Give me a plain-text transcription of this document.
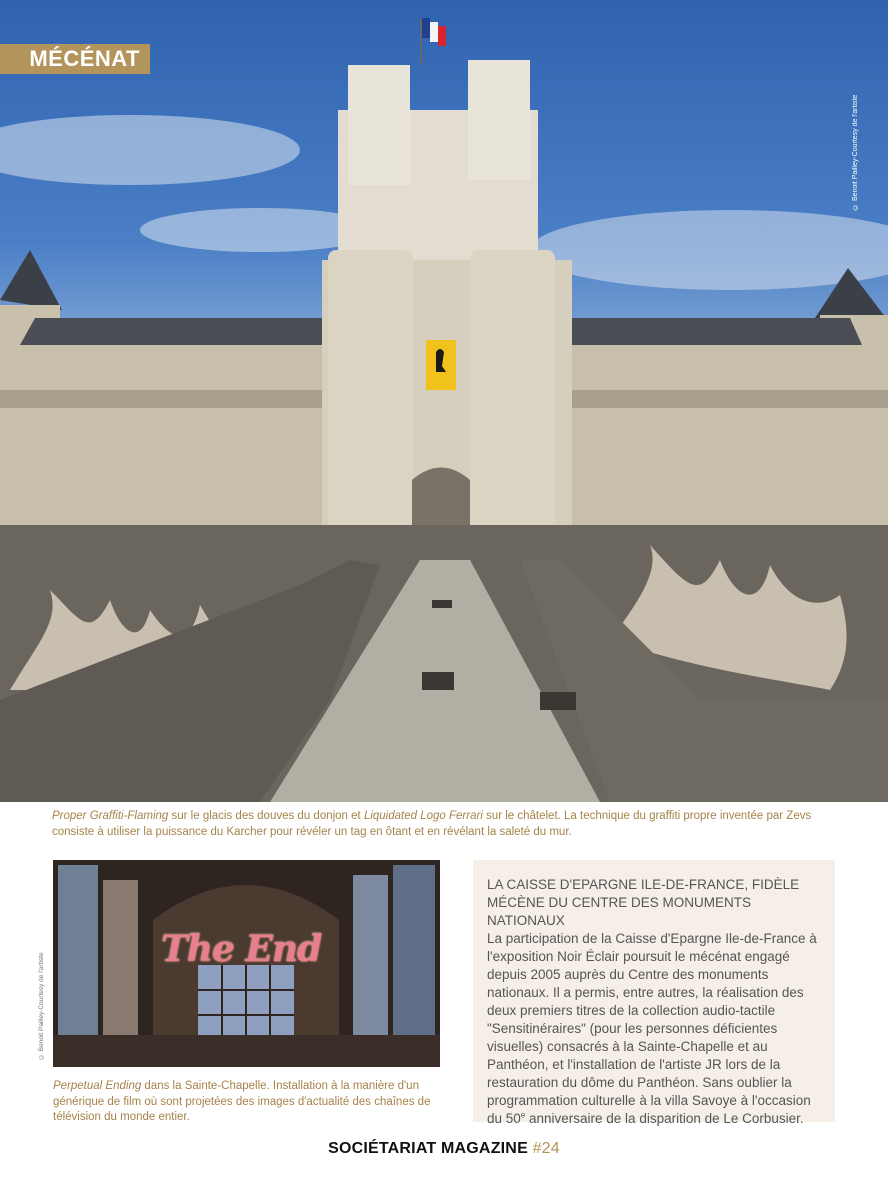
MÉCÉNAT
© Benoit Pailley-Courtesy de l'artiste

Proper Graffiti-Flaming sur le glacis des douves du donjon et Liquidated Logo Ferrari sur le châtelet. La technique du graffiti propre inventée par Zevs consiste à utiliser la puissance du Karcher pour révéler un tag en ôtant et en révélant la saleté du mur.

© Benoit Pailley-Courtesy de l'artiste
The End

Perpetual Ending dans la Sainte-Chapelle. Installation à la manière d'un générique de film où sont projetées des images d'actualité des chaînes de télévision du monde entier.

LA CAISSE D'EPARGNE ILE-DE-FRANCE, FIDÈLE MÉCÈNE DU CENTRE DES MONUMENTS NATIONAUX

La participation de la Caisse d'Epargne Ile-de-France à l'exposition Noir Éclair poursuit le mécénat engagé depuis 2005 auprès du Centre des monuments nationaux. Il a permis, entre autres, la réalisation des deux premiers titres de la collection audio-tactile "Sensitinéraires" (pour les personnes déficientes visuelles) consacrés à la Sainte-Chapelle et au Panthéon, et l'installation de l'artiste JR lors de la restauration du dôme du Panthéon. Sans oublier la programmation culturelle à la villa Savoye à l'occasion du 50e anniversaire de la disparition de Le Corbusier.

SOCIÉTARIAT MAGAZINE #24
